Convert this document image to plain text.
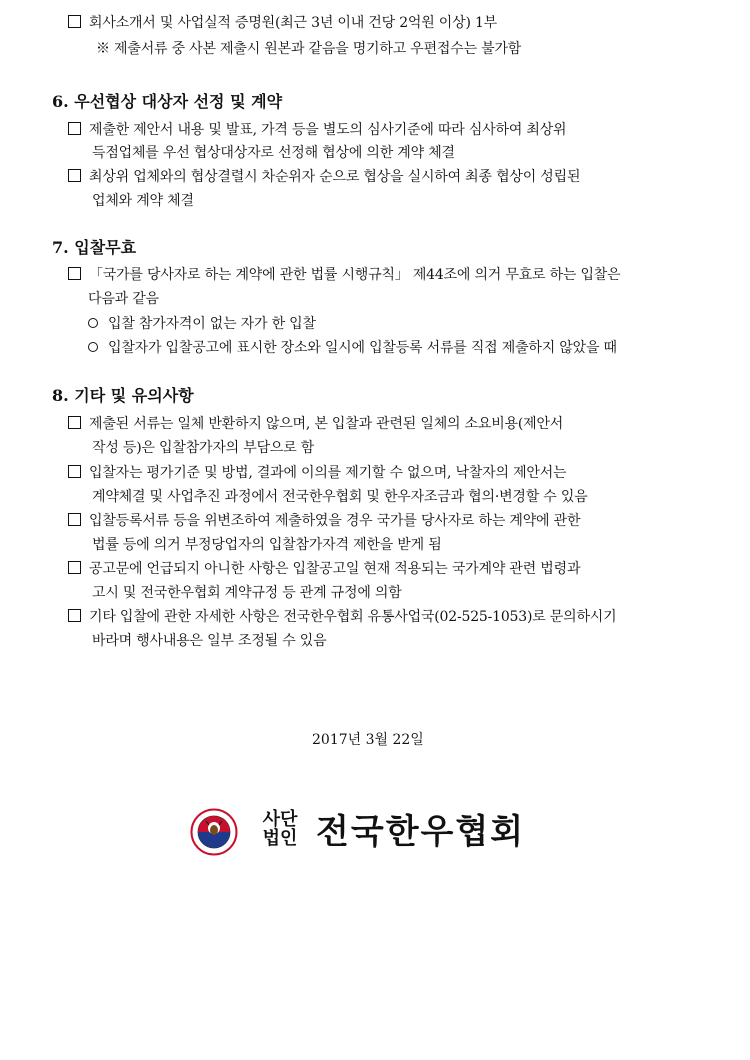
회사소개서 및 사업실적 증명원(최근 3년 이내 건당 2억원 이상) 1부
※ 제출서류 중 사본 제출시 원본과 같음을 명기하고 우편접수는 불가함
6. 우선협상 대상자 선정 및 계약
제출한 제안서 내용 및 발표, 가격 등을 별도의 심사기준에 따라 심사하여 최상위
득점업체를 우선 협상대상자로 선정해 협상에 의한 계약 체결
최상위 업체와의 협상결렬시 차순위자 순으로 협상을 실시하여 최종 협상이 성립된
업체와 계약 체결
7. 입찰무효
「국가를 당사자로 하는 계약에 관한 법률 시행규칙」 제44조에 의거 무효로 하는 입찰은
다음과 같음
입찰 참가자격이 없는 자가 한 입찰
입찰자가 입찰공고에 표시한 장소와 일시에 입찰등록 서류를 직접 제출하지 않았을 때
8. 기타 및 유의사항
제출된 서류는 일체 반환하지 않으며, 본 입찰과 관련된 일체의 소요비용(제안서
작성 등)은 입찰참가자의 부담으로 함
입찰자는 평가기준 및 방법, 결과에 이의를 제기할 수 없으며, 낙찰자의 제안서는
계약체결 및 사업추진 과정에서 전국한우협회 및 한우자조금과 협의·변경할 수 있음
입찰등록서류 등을 위변조하여 제출하였을 경우 국가를 당사자로 하는 계약에 관한
법률 등에 의거 부정당업자의 입찰참가자격 제한을 받게 됨
공고문에 언급되지 아니한 사항은 입찰공고일 현재 적용되는 국가계약 관련 법령과
고시 및 전국한우협회 계약규정 등 관계 규정에 의함
기타 입찰에 관한 자세한 사항은 전국한우협회 유통사업국(02-525-1053)로 문의하시기
바라며 행사내용은 일부 조정될 수 있음
2017년 3월 22일
사단
법인 전국한우협회
